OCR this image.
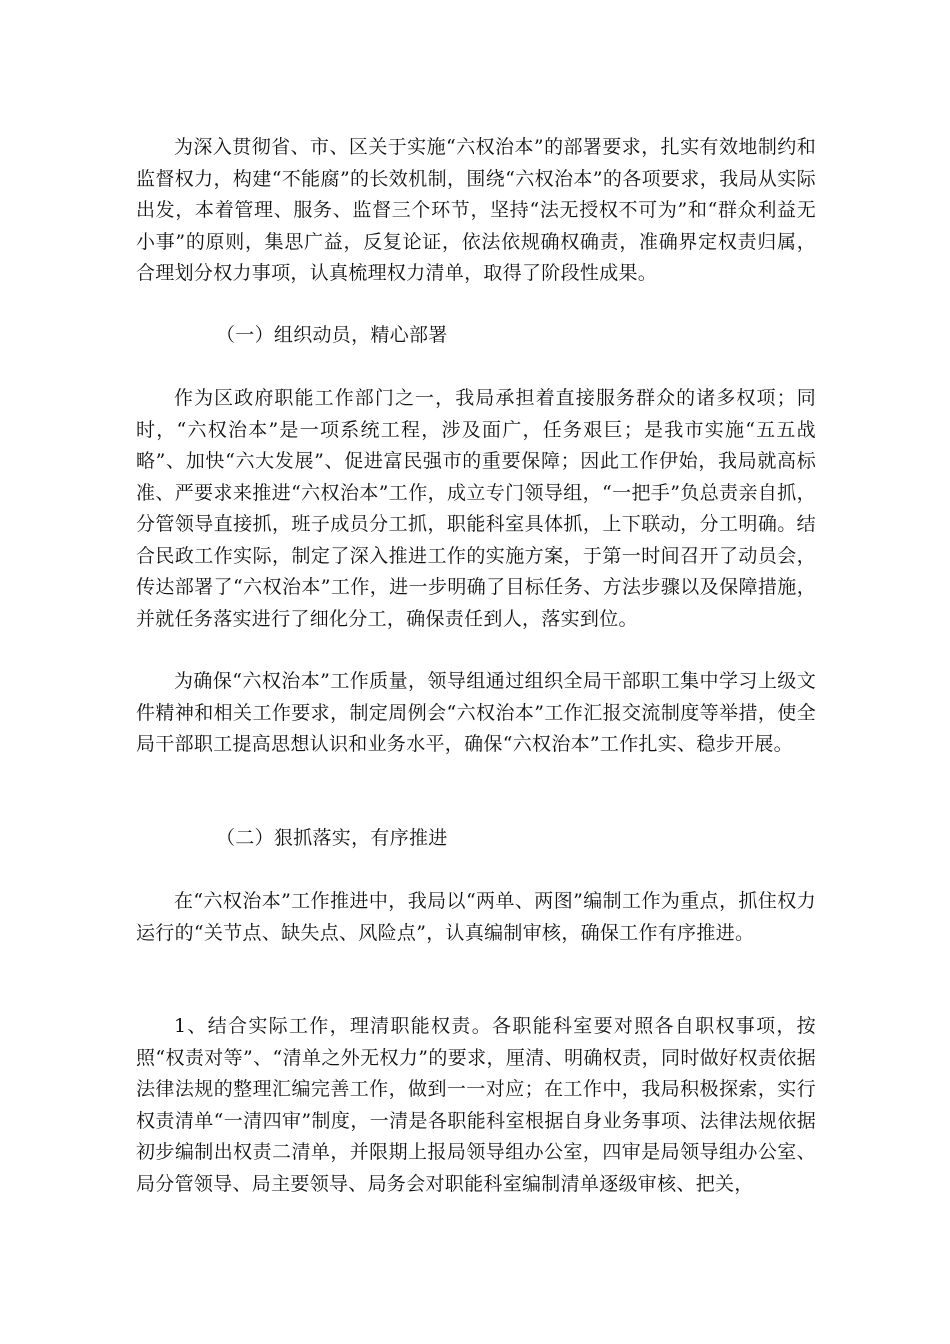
为深入贯彻省、市、区关于实施“六权治本”的部署要求，扎实有效地制约和监督权力，构建“不能腐”的长效机制，围绕“六权治本”的各项要求，我局从实际出发，本着管理、服务、监督三个环节，坚持“法无授权不可为”和“群众利益无小事”的原则，集思广益，反复论证，依法依规确权确责，准确界定权责归属，合理划分权力事项，认真梳理权力清单，取得了阶段性成果。

（一）组织动员，精心部署

作为区政府职能工作部门之一，我局承担着直接服务群众的诸多权项；同时，“六权治本”是一项系统工程，涉及面广，任务艰巨；是我市实施“五五战略”、加快“六大发展”、促进富民强市的重要保障；因此工作伊始，我局就高标准、严要求来推进“六权治本”工作，成立专门领导组，“一把手”负总责亲自抓，分管领导直接抓，班子成员分工抓，职能科室具体抓，上下联动，分工明确。结合民政工作实际，制定了深入推进工作的实施方案，于第一时间召开了动员会，传达部署了“六权治本”工作，进一步明确了目标任务、方法步骤以及保障措施，并就任务落实进行了细化分工，确保责任到人，落实到位。

为确保“六权治本”工作质量，领导组通过组织全局干部职工集中学习上级文件精神和相关工作要求，制定周例会“六权治本”工作汇报交流制度等举措，使全局干部职工提高思想认识和业务水平，确保“六权治本”工作扎实、稳步开展。

（二）狠抓落实，有序推进

在“六权治本”工作推进中，我局以“两单、两图”编制工作为重点，抓住权力运行的“关节点、缺失点、风险点”，认真编制审核，确保工作有序推进。

1、结合实际工作，理清职能权责。各职能科室要对照各自职权事项，按照“权责对等”、“清单之外无权力”的要求，厘清、明确权责，同时做好权责依据法律法规的整理汇编完善工作，做到一一对应；在工作中，我局积极探索，实行权责清单“一清四审”制度，一清是各职能科室根据自身业务事项、法律法规依据初步编制出权责二清单，并限期上报局领导组办公室，四审是局领导组办公室、局分管领导、局主要领导、局务会对职能科室编制清单逐级审核、把关，
